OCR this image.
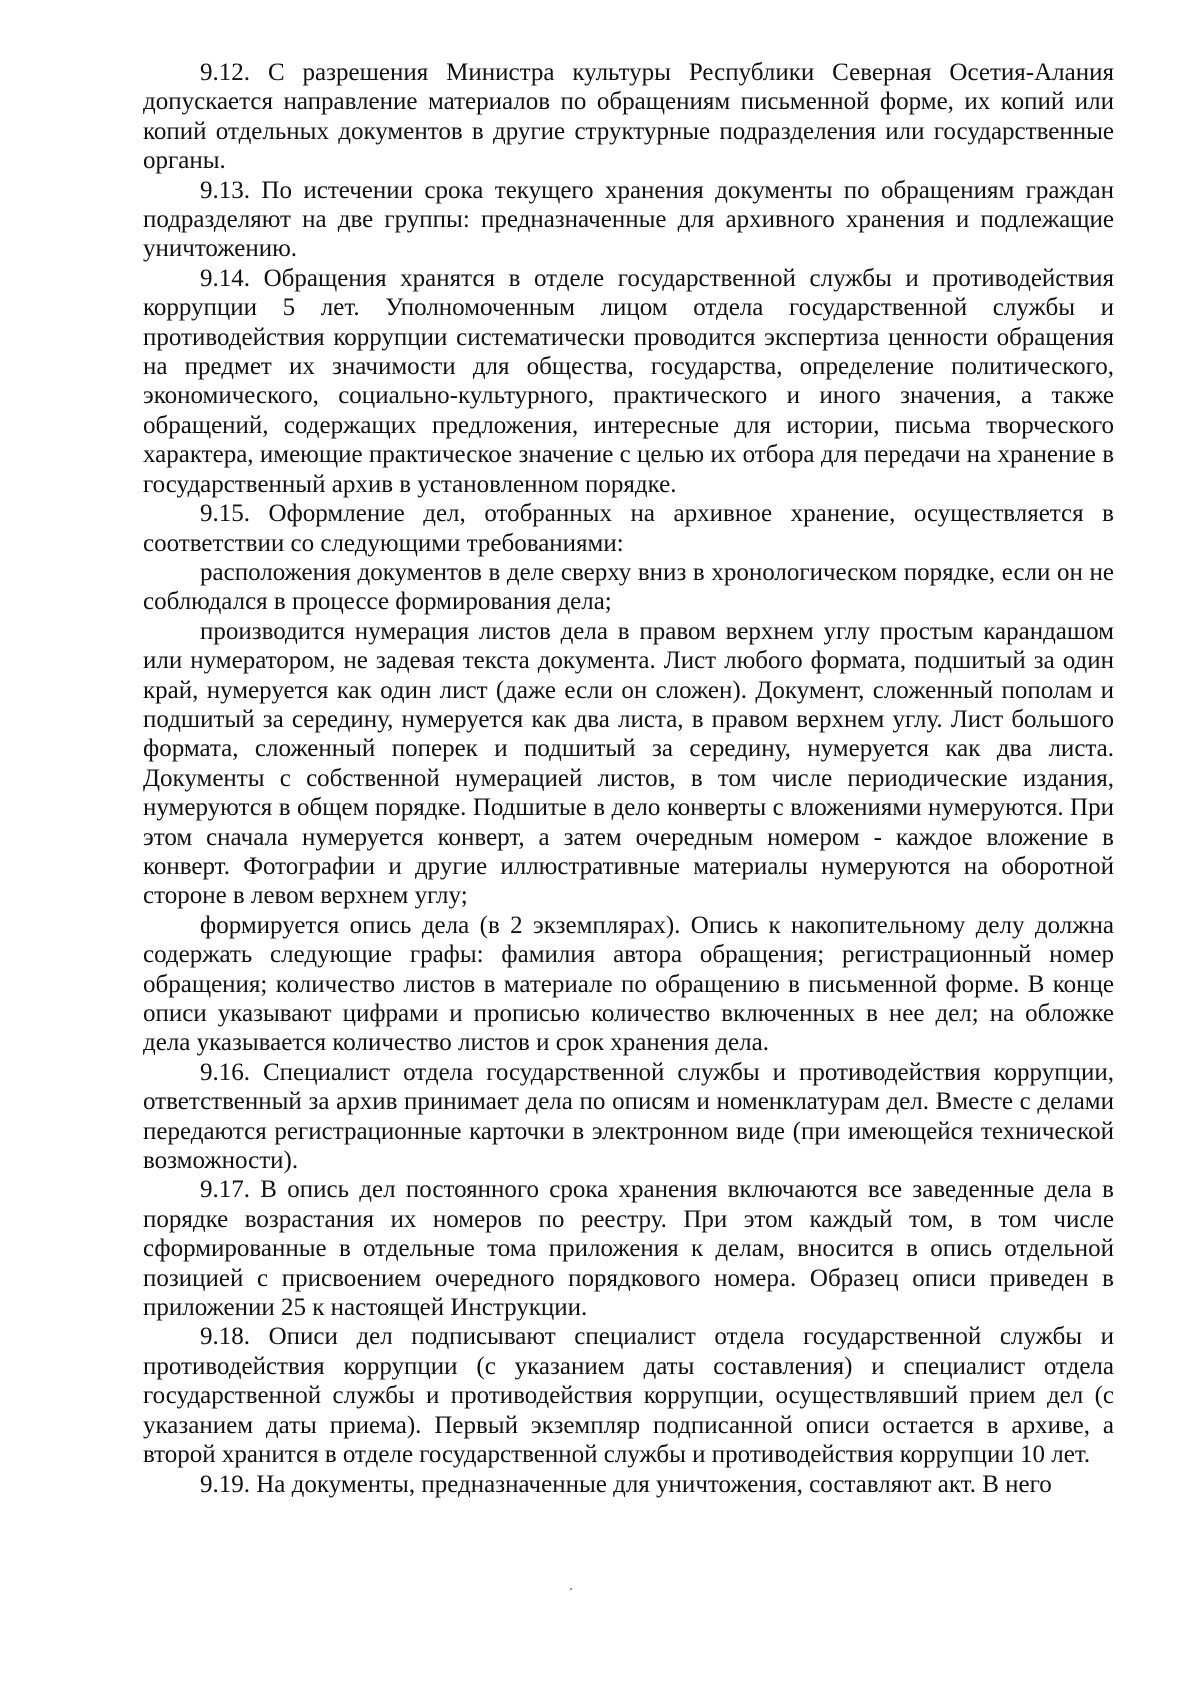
9.12. С разрешения Министра культуры Республики Северная Осетия-Алания допускается направление материалов по обращениям письменной форме, их копий или копий отдельных документов в другие структурные подразделения или государственные органы.

9.13. По истечении срока текущего хранения документы по обращениям граждан подразделяют на две группы: предназначенные для архивного хранения и подлежащие уничтожению.

9.14. Обращения хранятся в отделе государственной службы и противодействия коррупции 5 лет. Уполномоченным лицом отдела государственной службы и противодействия коррупции систематически проводится экспертиза ценности обращения на предмет их значимости для общества, государства, определение политического, экономического, социально-культурного, практического и иного значения, а также обращений, содержащих предложения, интересные для истории, письма творческого характера, имеющие практическое значение с целью их отбора для передачи на хранение в государственный архив в установленном порядке.

9.15. Оформление дел, отобранных на архивное хранение, осуществляется в соответствии со следующими требованиями:

расположения документов в деле сверху вниз в хронологическом порядке, если он не соблюдался в процессе формирования дела;

производится нумерация листов дела в правом верхнем углу простым карандашом или нумератором, не задевая текста документа. Лист любого формата, подшитый за один край, нумеруется как один лист (даже если он сложен). Документ, сложенный пополам и подшитый за середину, нумеруется как два листа, в правом верхнем углу. Лист большого формата, сложенный поперек и подшитый за середину, нумеруется как два листа. Документы с собственной нумерацией листов, в том числе периодические издания, нумеруются в общем порядке. Подшитые в дело конверты с вложениями нумеруются. При этом сначала нумеруется конверт, а затем очередным номером - каждое вложение в конверт. Фотографии и другие иллюстративные материалы нумеруются на оборотной стороне в левом верхнем углу;

формируется опись дела (в 2 экземплярах). Опись к накопительному делу должна содержать следующие графы: фамилия автора обращения; регистрационный номер обращения; количество листов в материале по обращению в письменной форме. В конце описи указывают цифрами и прописью количество включенных в нее дел; на обложке дела указывается количество листов и срок хранения дела.

9.16. Специалист отдела государственной службы и противодействия коррупции, ответственный за архив принимает дела по описям и номенклатурам дел. Вместе с делами передаются регистрационные карточки в электронном виде (при имеющейся технической возможности).

9.17. В опись дел постоянного срока хранения включаются все заведенные дела в порядке возрастания их номеров по реестру. При этом каждый том, в том числе сформированные в отдельные тома приложения к делам, вносится в опись отдельной позицией с присвоением очередного порядкового номера. Образец описи приведен в приложении 25 к настоящей Инструкции.

9.18. Описи дел подписывают специалист отдела государственной службы и противодействия коррупции (с указанием даты составления) и специалист отдела государственной службы и противодействия коррупции, осуществлявший прием дел (с указанием даты приема). Первый экземпляр подписанной описи остается в архиве, а второй хранится в отделе государственной службы и противодействия коррупции 10 лет.

9.19. На документы, предназначенные для уничтожения, составляют акт. В него
